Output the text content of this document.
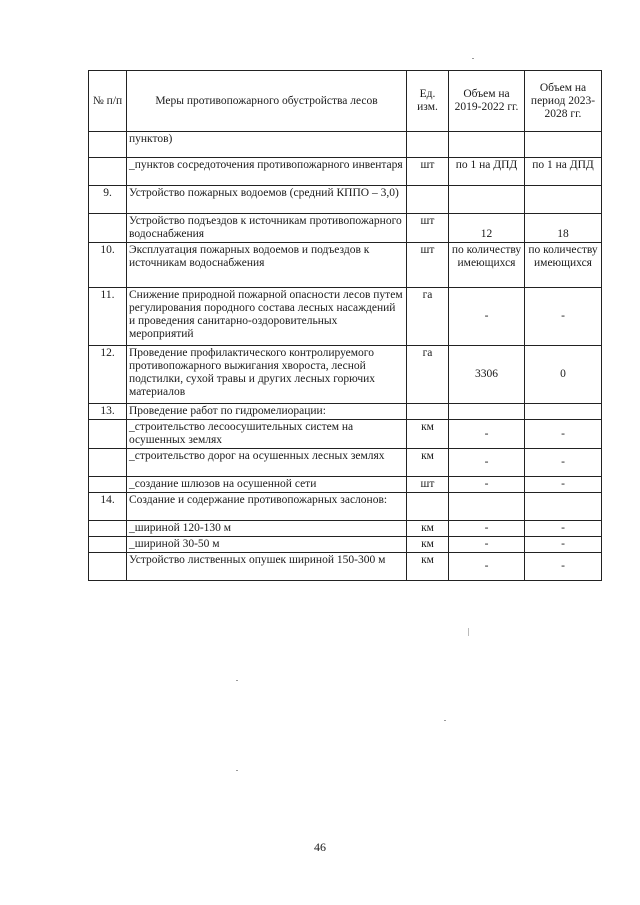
№ п/п	Меры противопожарного обустройства лесов	Ед. изм.	Объем на 2019-2022 гг.	Объем на период 2023-2028 гг.
	пунктов)			
	_пунктов сосредоточения противопожарного инвентаря	шт	по 1 на ДПД	по 1 на ДПД
9.	Устройство пожарных водоемов (средний КППО – 3,0)			
	Устройство подъездов к источникам противопожарного водоснабжения	шт	12	18
10.	Эксплуатация пожарных водоемов и подъездов к источникам водоснабжения	шт	по количеству имеющихся	по количеству имеющихся
11.	Снижение природной пожарной опасности лесов путем регулирования породного состава лесных насаждений и проведения санитарно-оздоровительных мероприятий	га	-	-
12.	Проведение профилактического контролируемого противопожарного выжигания хвороста, лесной подстилки, сухой травы и других лесных горючих материалов	га	3306	0
13.	Проведение работ по гидромелиорации:			
	_строительство лесоосушительных систем на осушенных землях	км	-	-
	_строительство дорог на осушенных лесных землях	км	-	-
	_создание шлюзов на осушенной сети	шт	-	-
14.	Создание и содержание противопожарных заслонов:			
	_шириной 120-130 м	км	-	-
	_шириной 30-50 м	км	-	-
	Устройство лиственных опушек шириной 150-300 м	км	-	-
46
